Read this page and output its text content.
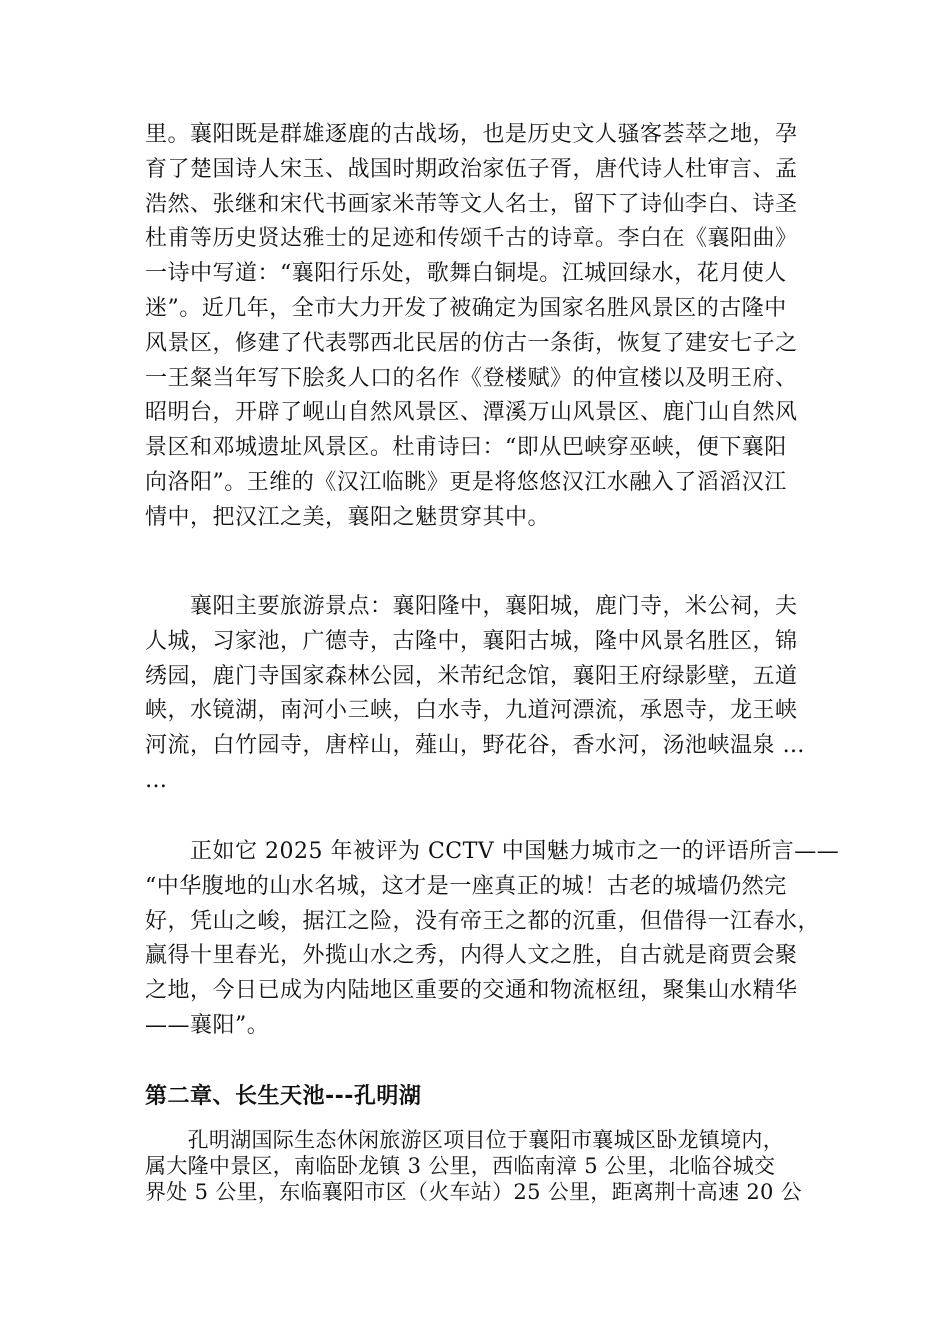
里。襄阳既是群雄逐鹿的古战场，也是历史文人骚客荟萃之地，孕
育了楚国诗人宋玉、战国时期政治家伍子胥，唐代诗人杜审言、孟
浩然、张继和宋代书画家米芾等文人名士，留下了诗仙李白、诗圣
杜甫等历史贤达雅士的足迹和传颂千古的诗章。李白在《襄阳曲》
一诗中写道：“襄阳行乐处，歌舞白铜堤。江城回绿水，花月使人
迷”。近几年，全市大力开发了被确定为国家名胜风景区的古隆中
风景区，修建了代表鄂西北民居的仿古一条街，恢复了建安七子之
一王粲当年写下脍炙人口的名作《登楼赋》的仲宣楼以及明王府、
昭明台，开辟了岘山自然风景区、潭溪万山风景区、鹿门山自然风
景区和邓城遗址风景区。杜甫诗曰：“即从巴峡穿巫峡，便下襄阳
向洛阳”。王维的《汉江临眺》更是将悠悠汉江水融入了滔滔汉江
情中，把汉江之美，襄阳之魅贯穿其中。

　　襄阳主要旅游景点：襄阳隆中，襄阳城，鹿门寺，米公祠，夫
人城，习家池，广德寺，古隆中，襄阳古城，隆中风景名胜区，锦
绣园，鹿门寺国家森林公园，米芾纪念馆，襄阳王府绿影壁，五道
峡，水镜湖，南河小三峡，白水寺，九道河漂流，承恩寺，龙王峡
河流，白竹园寺，唐梓山，薤山，野花谷，香水河，汤池峡温泉 …
…

　　正如它 2025 年被评为 CCTV 中国魅力城市之一的评语所言——
“中华腹地的山水名城，这才是一座真正的城！古老的城墙仍然完
好，凭山之峻，据江之险，没有帝王之都的沉重，但借得一江春水，
赢得十里春光，外揽山水之秀，内得人文之胜，自古就是商贾会聚
之地，今日已成为内陆地区重要的交通和物流枢纽，聚集山水精华
——襄阳”。

第二章、长生天池---孔明湖

　　孔明湖国际生态休闲旅游区项目位于襄阳市襄城区卧龙镇境内，
属大隆中景区，南临卧龙镇 3 公里，西临南漳 5 公里，北临谷城交
界处 5 公里，东临襄阳市区（火车站）25 公里，距离荆十高速 20 公
